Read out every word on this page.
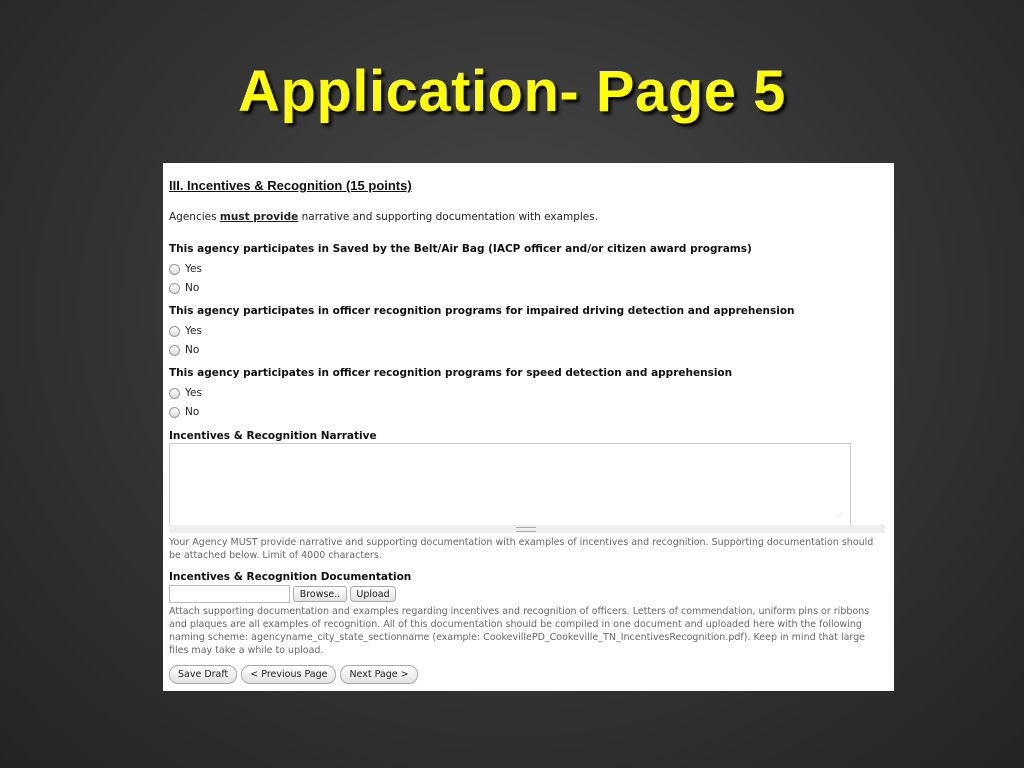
Application- Page 5
III. Incentives & Recognition (15 points)
Agencies must provide narrative and supporting documentation with examples.
This agency participates in Saved by the Belt/Air Bag (IACP officer and/or citizen award programs)
Yes
No
This agency participates in officer recognition programs for impaired driving detection and apprehension
Yes
No
This agency participates in officer recognition programs for speed detection and apprehension
Yes
No
Incentives & Recognition Narrative
⋰
Your Agency MUST provide narrative and supporting documentation with examples of incentives and recognition. Supporting documentation should be attached below. Limit of 4000 characters.
Incentives & Recognition Documentation
Browse..	Upload
Attach supporting documentation and examples regarding incentives and recognition of officers. Letters of commendation, uniform pins or ribbons and plaques are all examples of recognition. All of this documentation should be compiled in one document and uploaded here with the following naming scheme: agencyname_city_state_sectionname (example: CookevillePD_Cookeville_TN_IncentivesRecognition.pdf). Keep in mind that large files may take a while to upload.
Save Draft	< Previous Page	Next Page >
